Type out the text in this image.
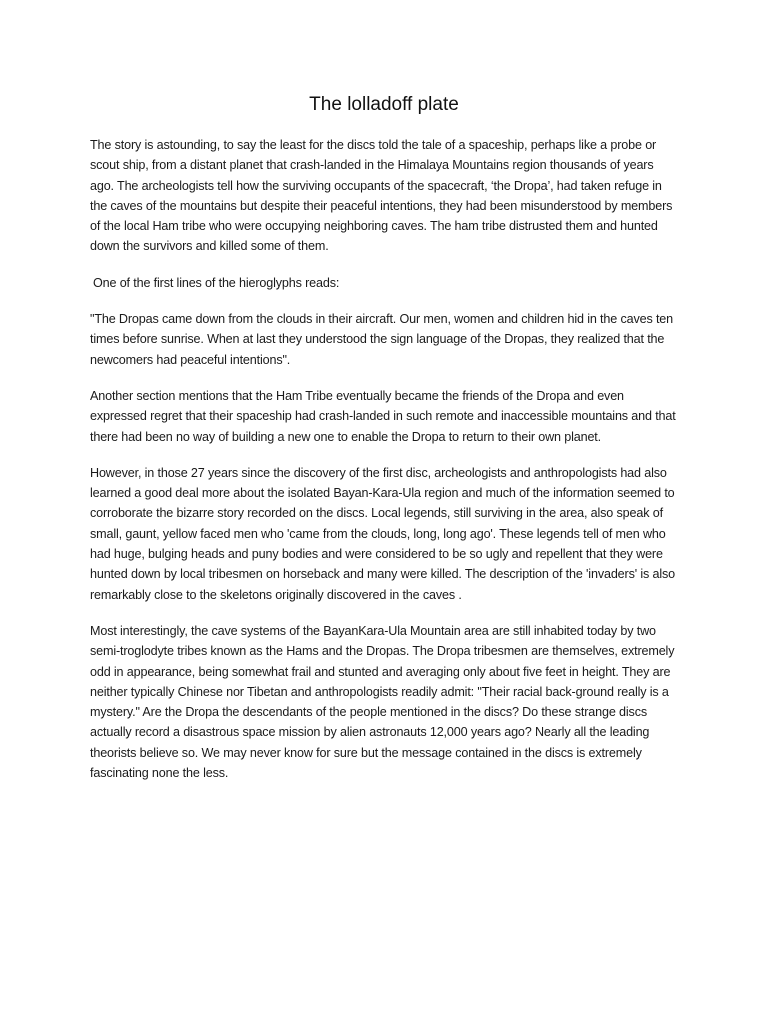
The lolladoff plate

The story is astounding, to say the least for the discs told the tale of a spaceship, perhaps like a probe or scout ship, from a distant planet that crash-landed in the Himalaya Mountains region thousands of years ago. The archeologists tell how the surviving occupants of the spacecraft, ‘the Dropa’, had taken refuge in the caves of the mountains but despite their peaceful intentions, they had been misunderstood by members of the local Ham tribe who were occupying neighboring caves. The ham tribe distrusted them and hunted down the survivors and killed some of them.

One of the first lines of the hieroglyphs reads:

"The Dropas came down from the clouds in their aircraft. Our men, women and children hid in the caves ten times before sunrise. When at last they understood the sign language of the Dropas, they realized that the newcomers had peaceful intentions".

Another section mentions that the Ham Tribe eventually became the friends of the Dropa and even expressed regret that their spaceship had crash-landed in such remote and inaccessible mountains and that there had been no way of building a new one to enable the Dropa to return to their own planet.

However, in those 27 years since the discovery of the first disc, archeologists and anthropologists had also learned a good deal more about the isolated Bayan-Kara-Ula region and much of the information seemed to corroborate the bizarre story recorded on the discs. Local legends, still surviving in the area, also speak of small, gaunt, yellow faced men who 'came from the clouds, long, long ago'. These legends tell of men who had huge, bulging heads and puny bodies and were considered to be so ugly and repellent that they were hunted down by local tribesmen on horseback and many were killed. The description of the 'invaders' is also remarkably close to the skeletons originally discovered in the caves .

Most interestingly, the cave systems of the BayanKara-Ula Mountain area are still inhabited today by two semi-troglodyte tribes known as the Hams and the Dropas. The Dropa tribesmen are themselves, extremely odd in appearance, being somewhat frail and stunted and averaging only about five feet in height. They are neither typically Chinese nor Tibetan and anthropologists readily admit: "Their racial back-ground really is a mystery." Are the Dropa the descendants of the people mentioned in the discs? Do these strange discs actually record a disastrous space mission by alien astronauts 12,000 years ago? Nearly all the leading theorists believe so. We may never know for sure but the message contained in the discs is extremely fascinating none the less.
